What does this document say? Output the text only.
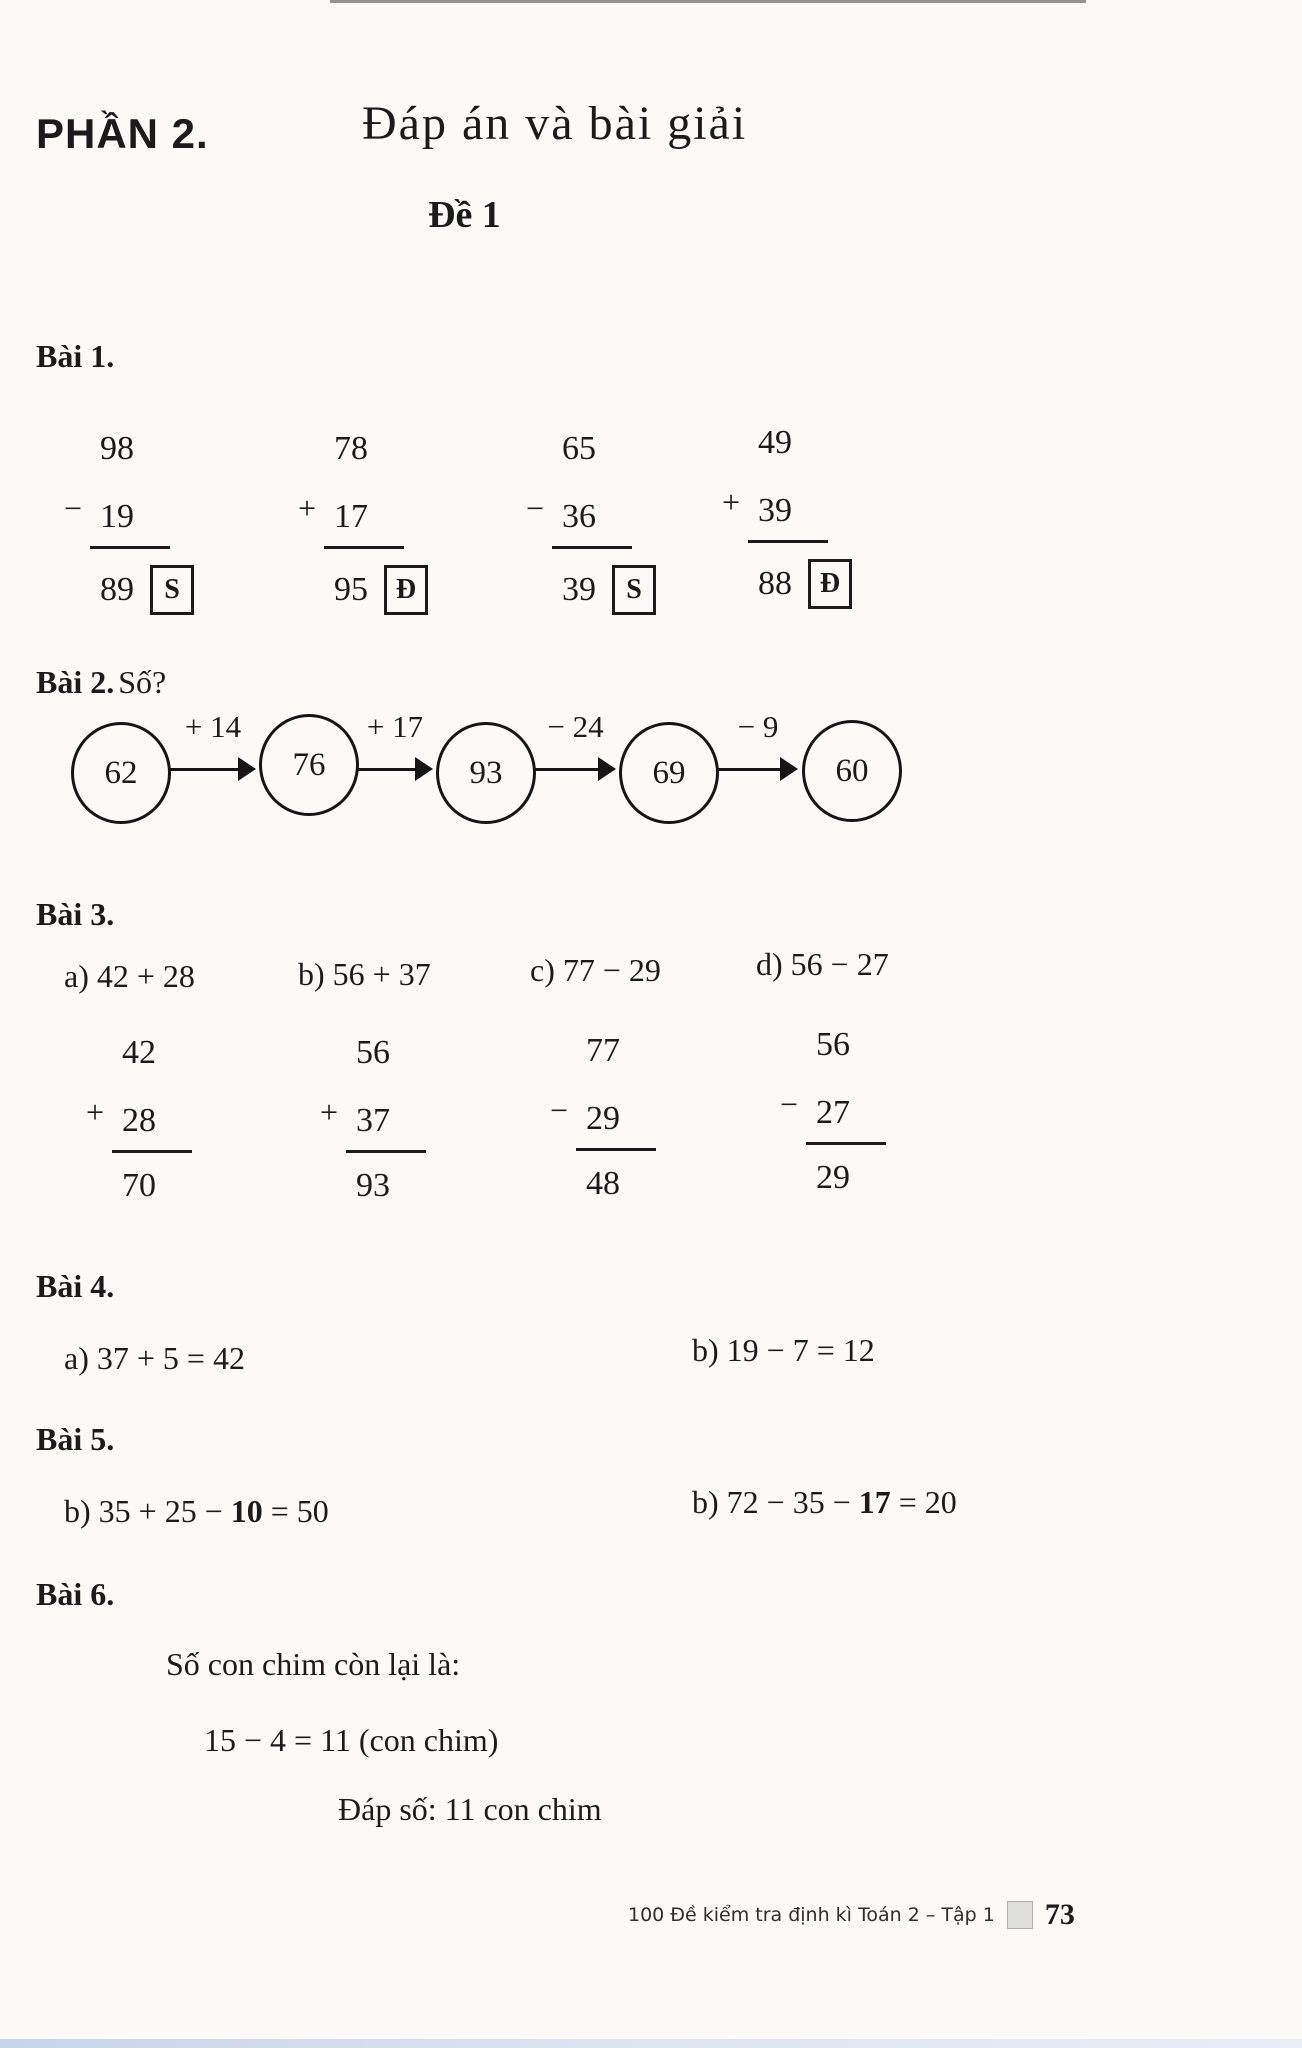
PHẦN 2.	Đáp án và bài giải
Đề 1
Bài 1.
−
98
19
89 S
+
78
17
95 Đ
−
65
36
39 S
+
49
39
88 Đ
Bài 2. Số?
62	76	93	69	60
+ 14	+ 17	− 24	− 9
Bài 3.
a) 42 + 28	b) 56 + 37	c) 77 − 29	d) 56 − 27
+
42
28
70
+
56
37
93
−
77
29
48
−
56
27
29
Bài 4.
a) 37 + 5 = 42	b) 19 − 7 = 12
Bài 5.
b) 35 + 25 − 10 = 50	b) 72 − 35 − 17 = 20
Bài 6.
Số con chim còn lại là:
15 − 4 = 11 (con chim)
Đáp số: 11 con chim
100 Đề kiểm tra định kì Toán 2 – Tập 1 73
